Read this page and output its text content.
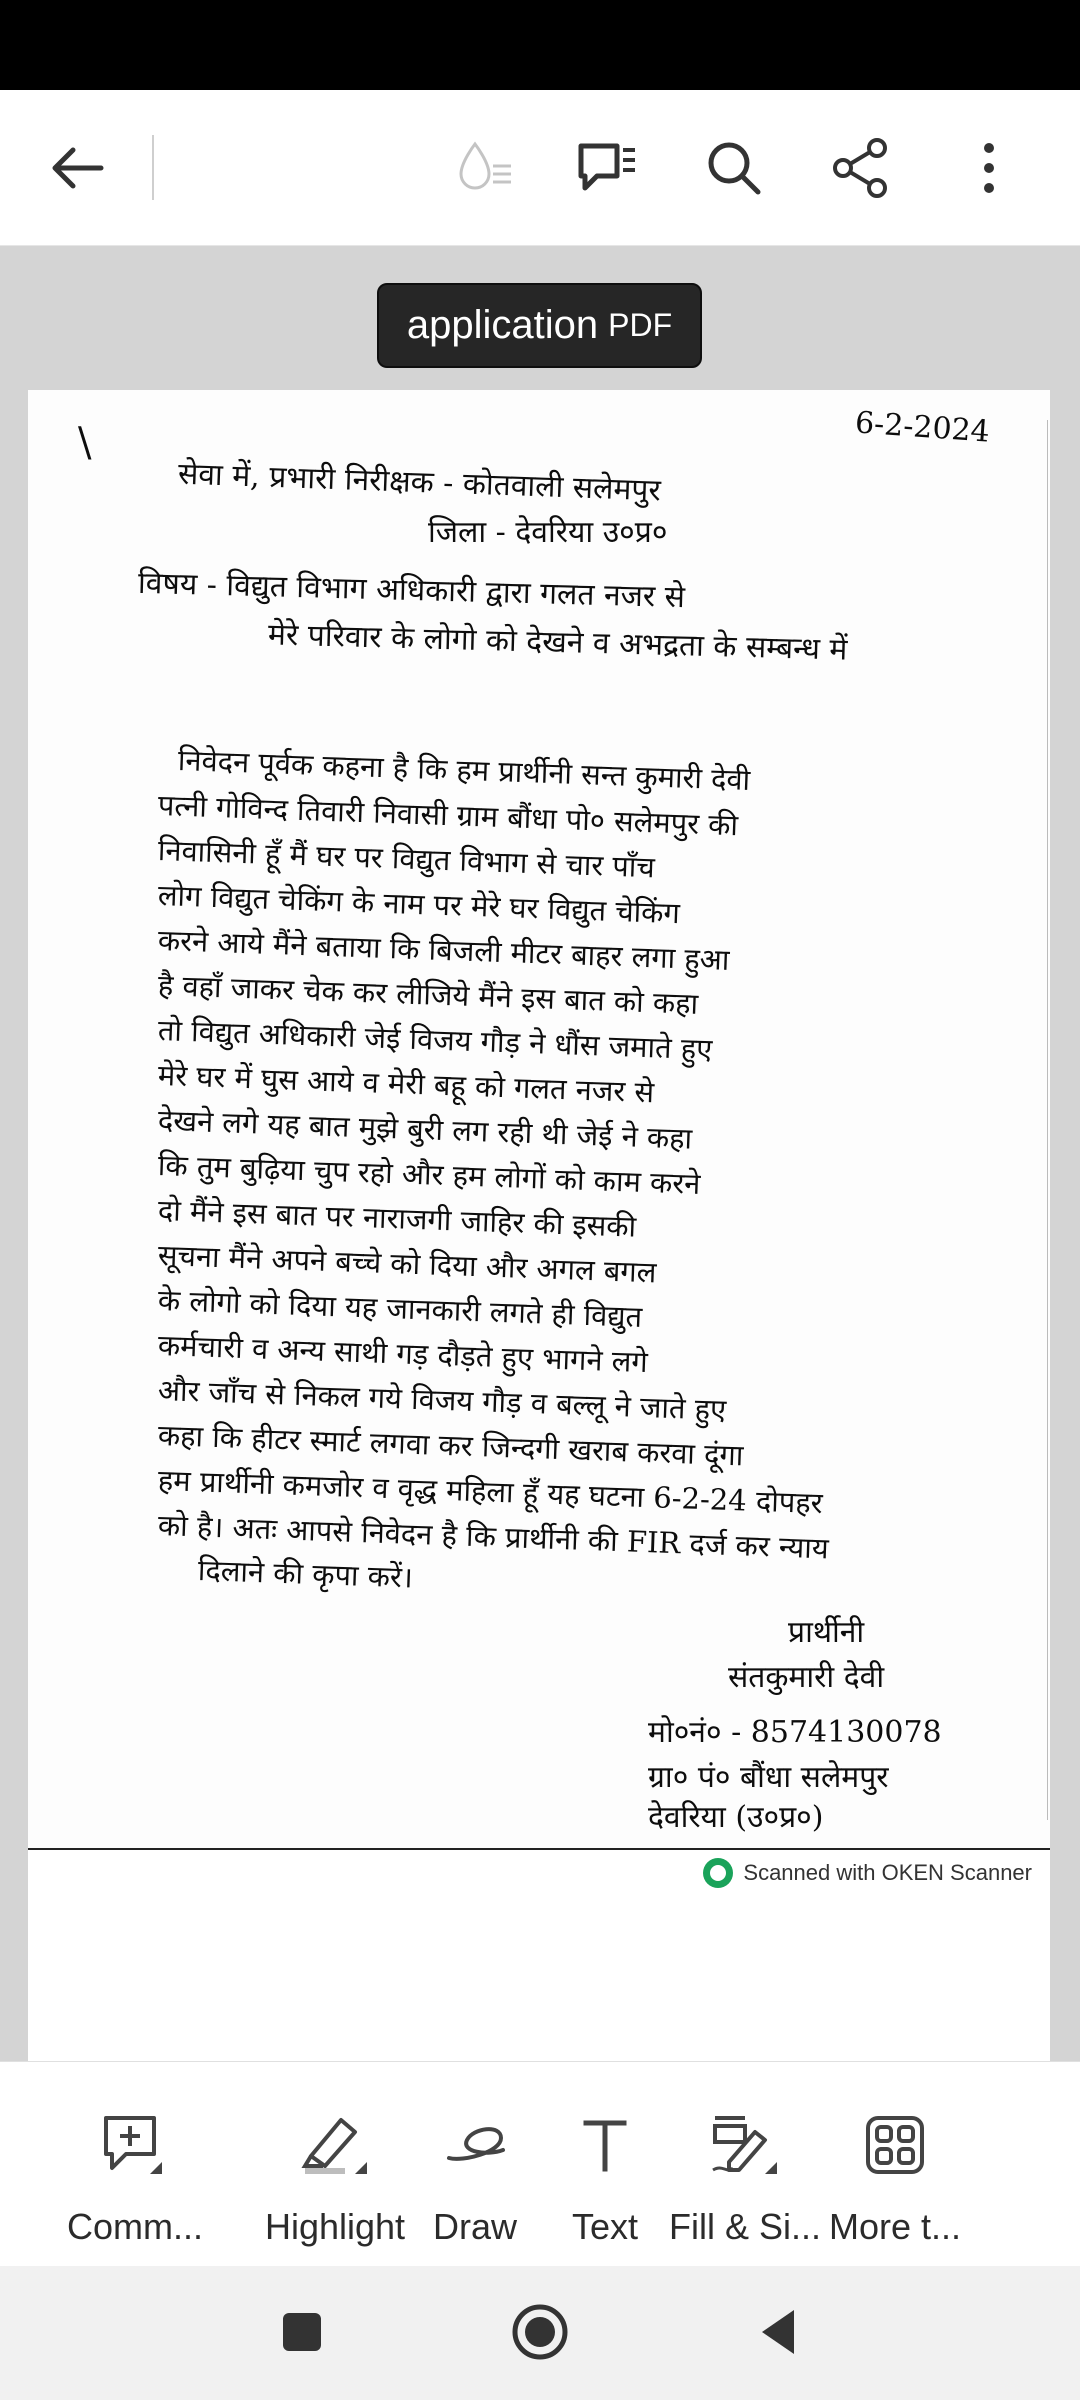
application PDF
\	6-2-2024
सेवा में, प्रभारी निरीक्षक - कोतवाली सलेमपुर
जिला - देवरिया उ०प्र०
विषय - विद्युत विभाग अधिकारी द्वारा गलत नजर से
मेरे परिवार के लोगो को देखने व अभद्रता के सम्बन्ध में
निवेदन पूर्वक कहना है कि हम प्रार्थीनी सन्त कुमारी देवी
पत्नी गोविन्द तिवारी निवासी ग्राम बौंधा पो० सलेमपुर की
निवासिनी हूँ मैं घर पर विद्युत विभाग से चार पाँच
लोग विद्युत चेकिंग के नाम पर मेरे घर विद्युत चेकिंग
करने आये मैंने बताया कि बिजली मीटर बाहर लगा हुआ
है वहाँ जाकर चेक कर लीजिये मैंने इस बात को कहा
तो विद्युत अधिकारी जेई विजय गौड़ ने धौंस जमाते हुए
मेरे घर में घुस आये व मेरी बहू को गलत नजर से
देखने लगे यह बात मुझे बुरी लग रही थी जेई ने कहा
कि तुम बुढ़िया चुप रहो और हम लोगों को काम करने
दो मैंने इस बात पर नाराजगी जाहिर की इसकी
सूचना मैंने अपने बच्चे को दिया और अगल बगल
के लोगो को दिया यह जानकारी लगते ही विद्युत
कर्मचारी व अन्य साथी गड़ दौड़ते हुए भागने लगे
और जाँच से निकल गये विजय गौड़ व बल्लू ने जाते हुए
कहा कि हीटर स्मार्ट लगवा कर जिन्दगी खराब करवा दूंगा
हम प्रार्थीनी कमजोर व वृद्ध महिला हूँ यह घटना 6-2-24 दोपहर
को है। अतः आपसे निवेदन है कि प्रार्थीनी की FIR दर्ज कर न्याय
दिलाने की कृपा करें।
प्रार्थीनी
संतकुमारी देवी
मो०नं० - 8574130078
ग्रा० पं० बौंधा सलेमपुर
देवरिया (उ०प्र०)
Scanned with OKEN Scanner
Comm... Highlight Draw Text Fill & Si... More t...
